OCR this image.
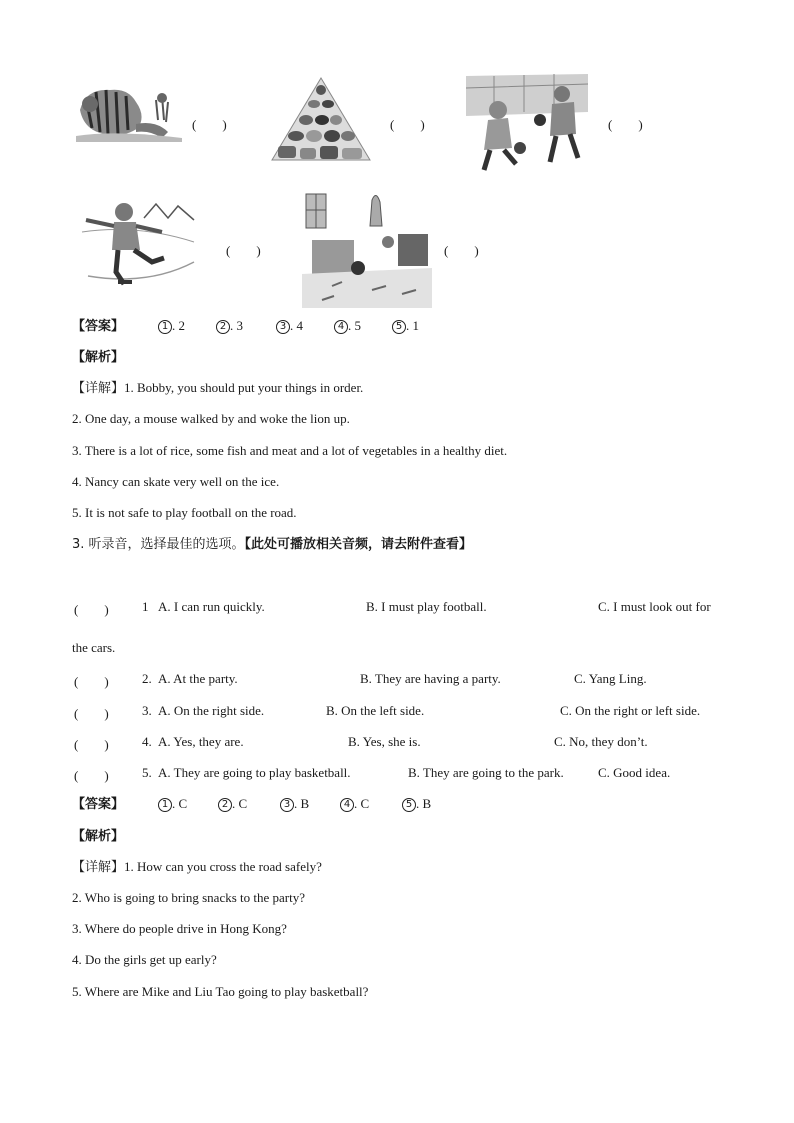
(　　)	(　　)	(　　)
(　　)	(　　)
【答案】	1 . 2	2 . 3	3 . 4	4 . 5	5 . 1
【解析】
【详解】1. Bobby, you should put your things in order.
2. One day, a mouse walked by and woke the lion up.
3. There is a lot of rice, some fish and meat and a lot of vegetables in a healthy diet.
4. Nancy can skate very well on the ice.
5. It is not safe to play football on the road.
3. 听录音，选择最佳的选项。【此处可播放相关音频，请去附件查看】
(　　)	1 A. I can run quickly.	B. I must play football.	C. I must look out for
the cars.
(　　)	2. A. At the party.	B. They are having a party.	C. Yang Ling.
(　　)	3. A. On the right side.	B. On the left side.	C. On the right or left side.
(　　)	4. A. Yes, they are.	B. Yes, she is.	C. No, they don’t.
(　　)	5. A. They are going to play basketball.	B. They are going to the park.	C. Good idea.
【答案】	1 . C	2 . C	3 . B	4 . C	5 . B
【解析】
【详解】1. How can you cross the road safely?
2. Who is going to bring snacks to the party?
3. Where do people drive in Hong Kong?
4. Do the girls get up early?
5. Where are Mike and Liu Tao going to play basketball?
